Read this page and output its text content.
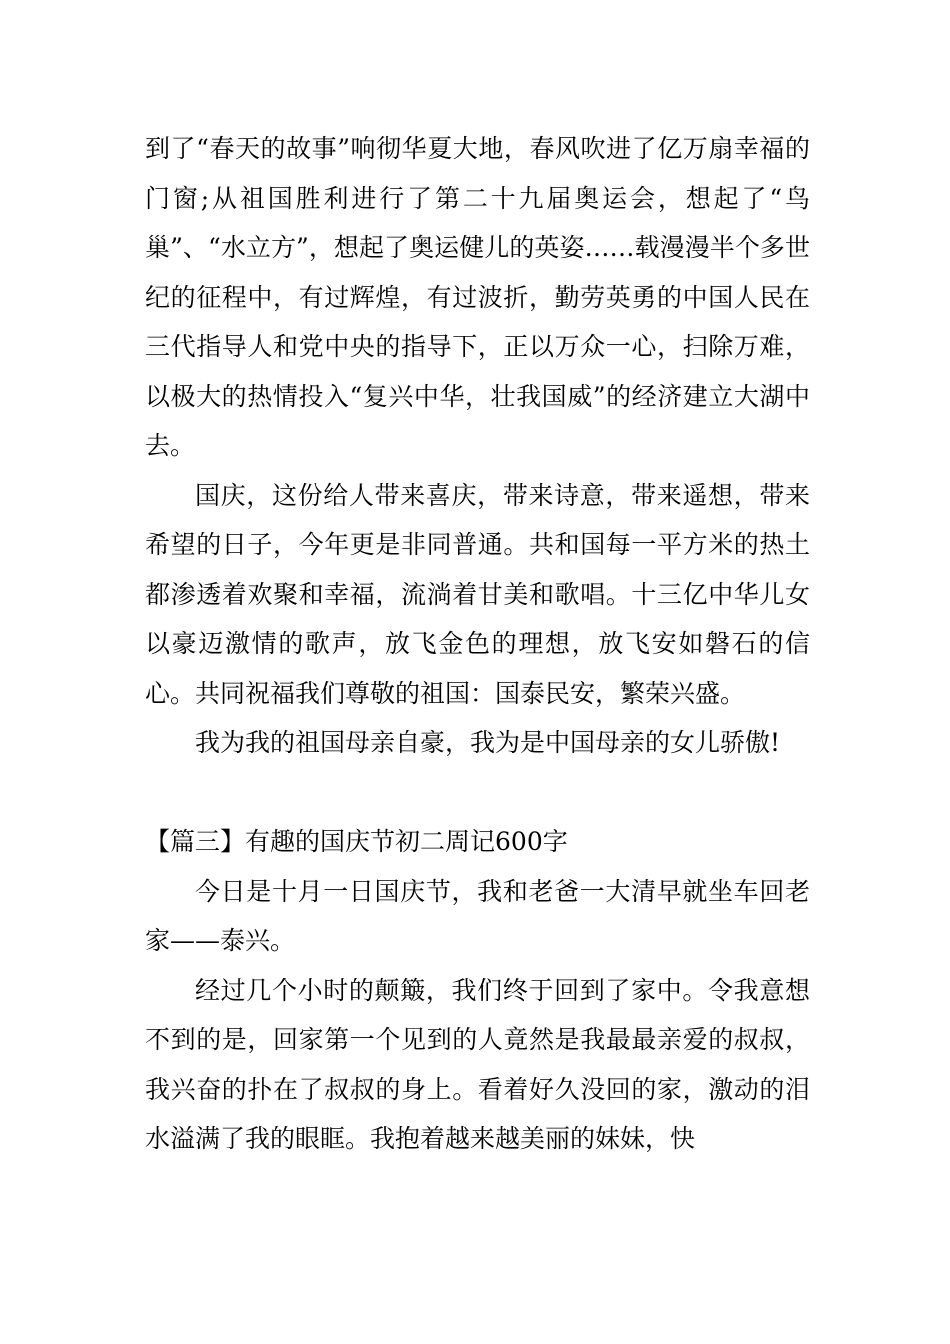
到了“春天的故事”响彻华夏大地，春风吹进了亿万扇幸福的门窗;从祖国胜利进行了第二十九届奥运会，想起了“鸟巢”、“水立方”，想起了奥运健儿的英姿……载漫漫半个多世纪的征程中，有过辉煌，有过波折，勤劳英勇的中国人民在三代指导人和党中央的指导下，正以万众一心，扫除万难，以极大的热情投入“复兴中华，壮我国威”的经济建立大湖中去。

国庆，这份给人带来喜庆，带来诗意，带来遥想，带来希望的日子，今年更是非同普通。共和国每一平方米的热土都渗透着欢聚和幸福，流淌着甘美和歌唱。十三亿中华儿女以豪迈激情的歌声，放飞金色的理想，放飞安如磐石的信心。共同祝福我们尊敬的祖国：国泰民安，繁荣兴盛。

我为我的祖国母亲自豪，我为是中国母亲的女儿骄傲!

【篇三】有趣的国庆节初二周记600字

今日是十月一日国庆节，我和老爸一大清早就坐车回老家——泰兴。

经过几个小时的颠簸，我们终于回到了家中。令我意想不到的是，回家第一个见到的人竟然是我最最亲爱的叔叔，我兴奋的扑在了叔叔的身上。看着好久没回的家，激动的泪水溢满了我的眼眶。我抱着越来越美丽的妹妹，快
